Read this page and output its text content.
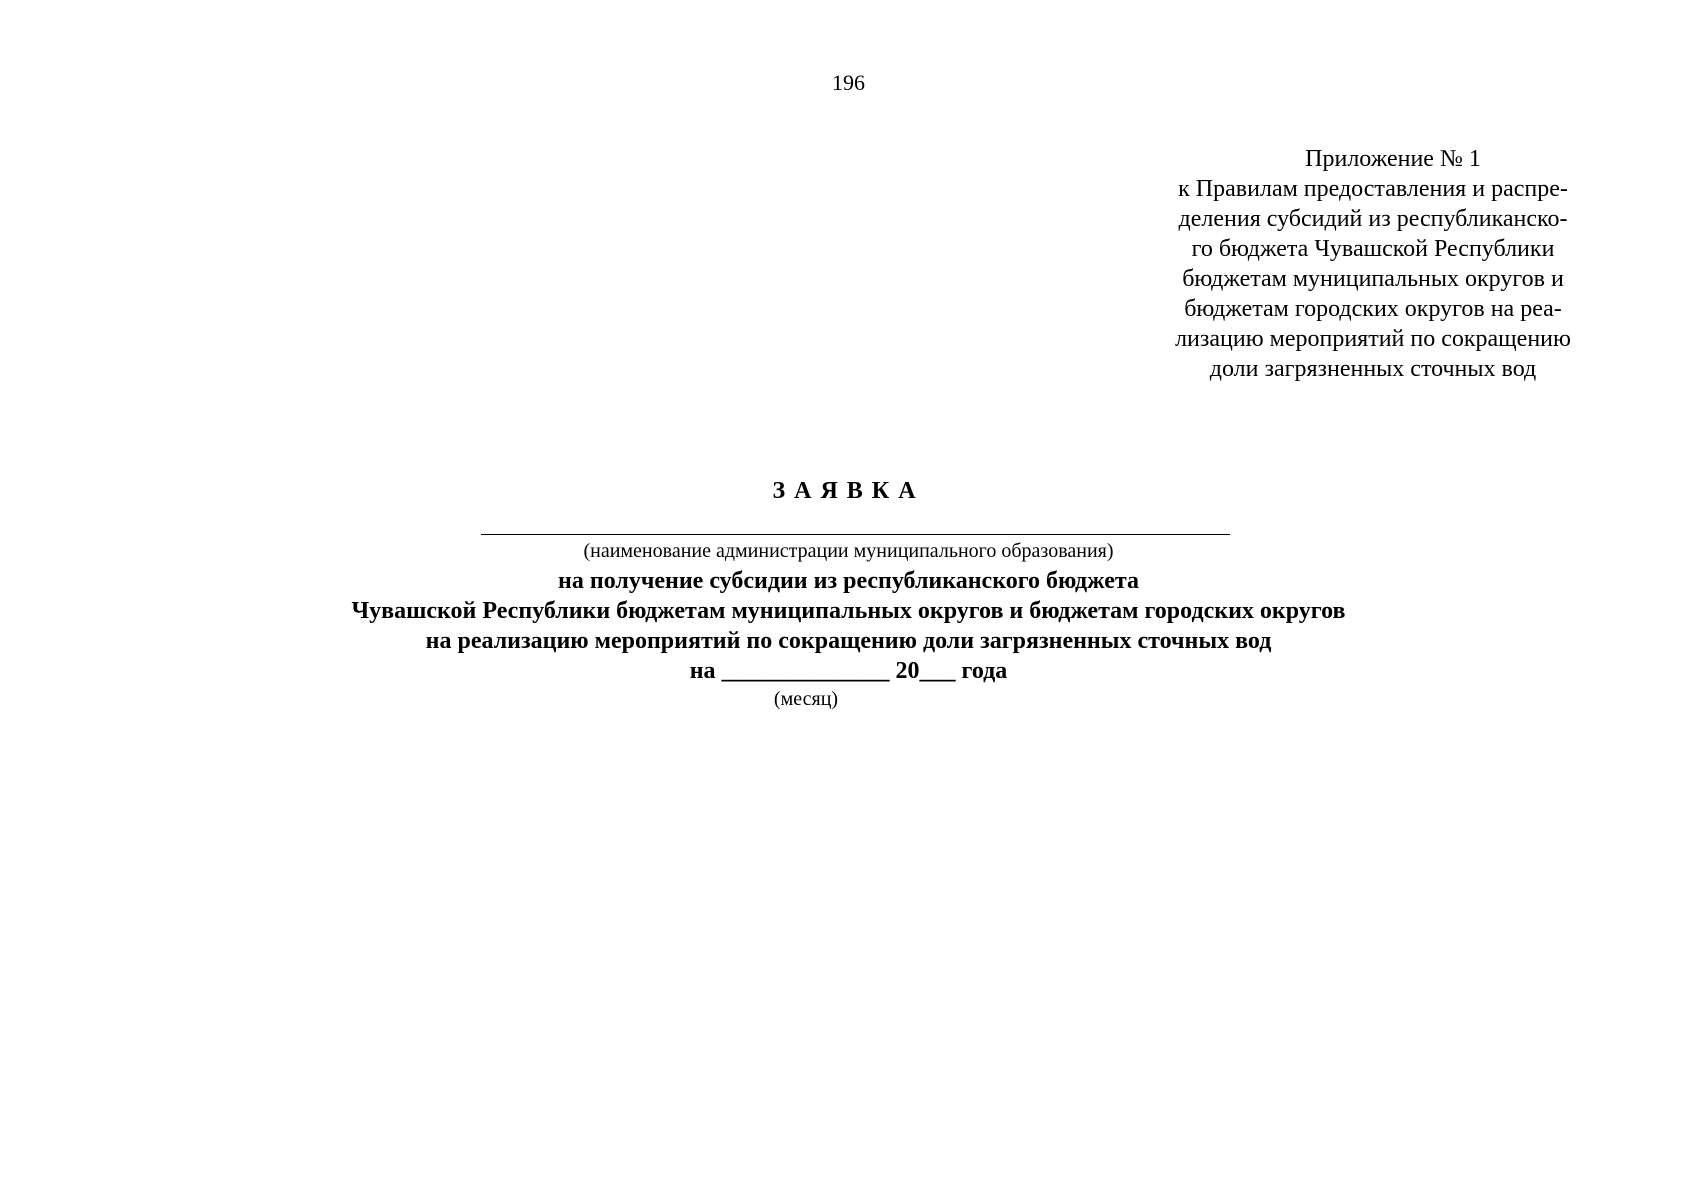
196
Приложение № 1
к Правилам предоставления и распре-
деления субсидий из республиканско-
го бюджета Чувашской Республики
бюджетам муниципальных округов и
бюджетам городских округов на реа-
лизацию мероприятий по сокращению
доли загрязненных сточных вод
ЗАЯВКА
(наименование администрации муниципального образования)
на получение субсидии из республиканского бюджета
Чувашской Республики бюджетам муниципальных округов и бюджетам городских округов
на реализацию мероприятий по сокращению доли загрязненных сточных вод
на ______________ 20___ года
(месяц)
